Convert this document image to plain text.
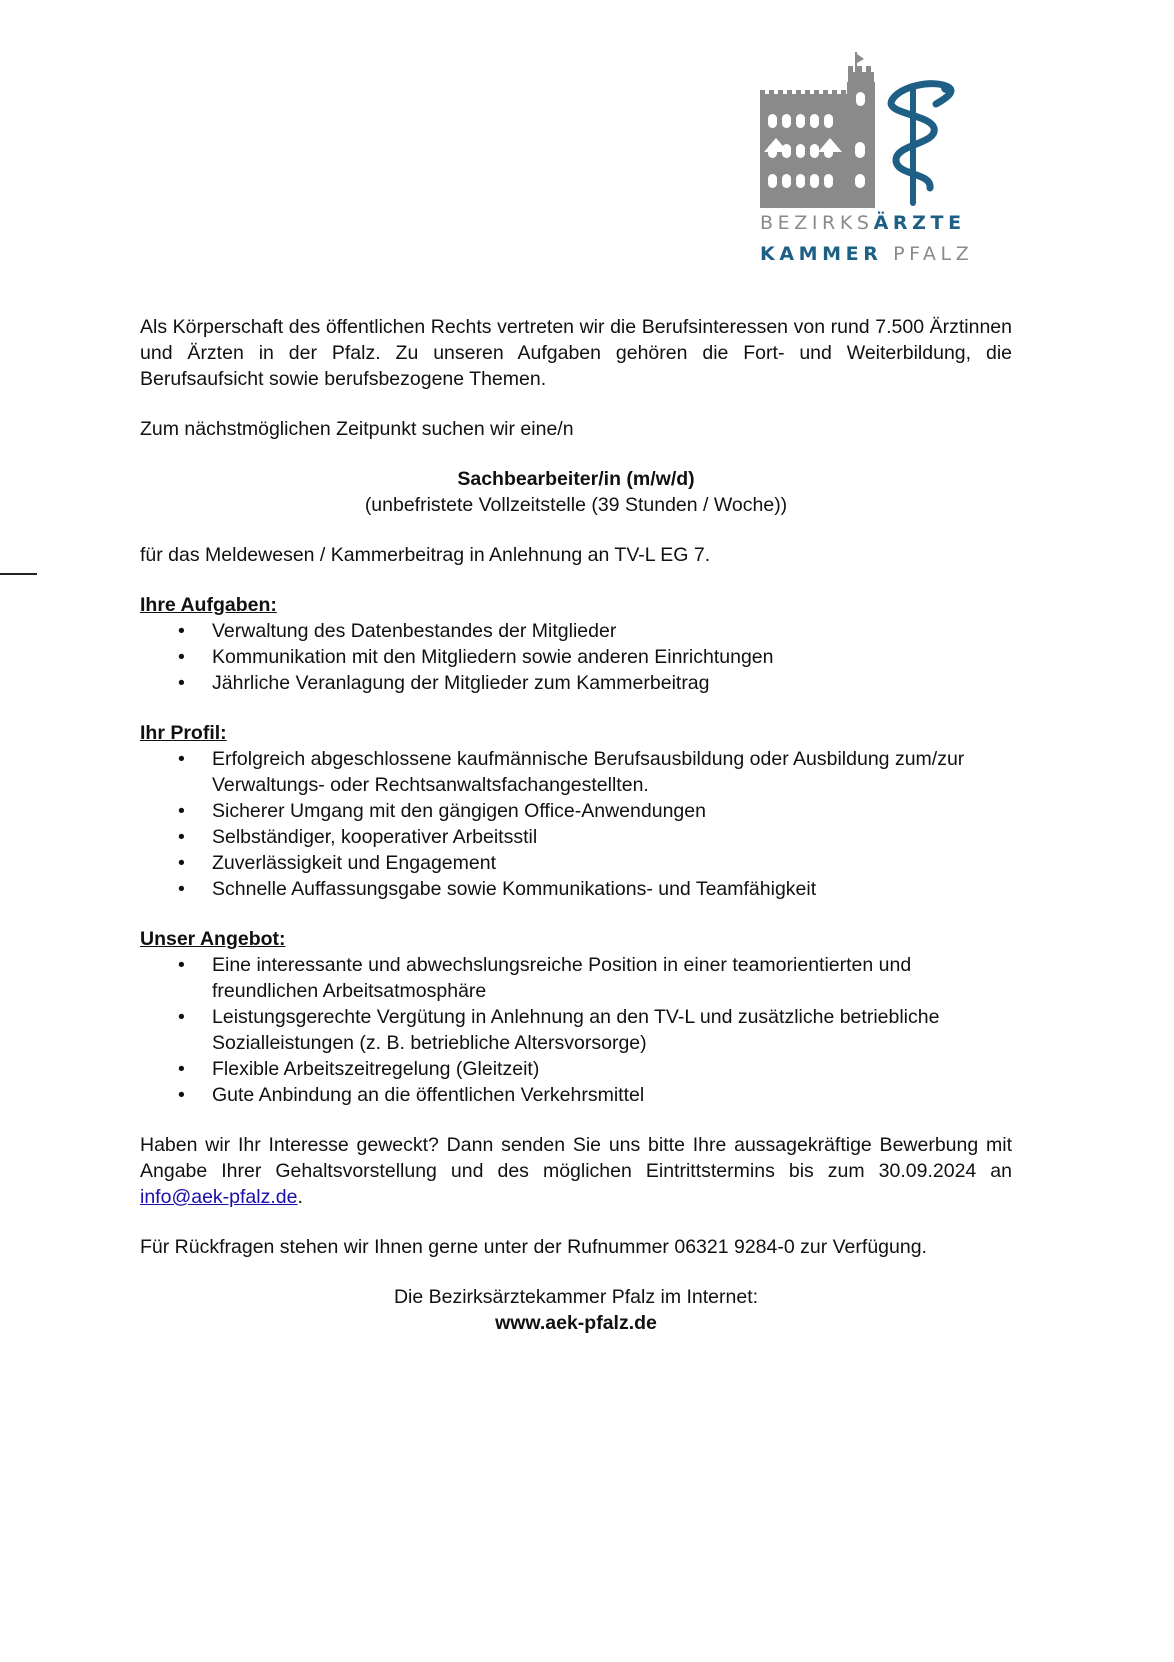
BEZIRKSÄRZTE
KAMMER PFALZ

Als Körperschaft des öffentlichen Rechts vertreten wir die Berufsinteressen von rund 7.500 Ärztinnen und Ärzten in der Pfalz. Zu unseren Aufgaben gehören die Fort- und Weiterbildung, die Berufsaufsicht sowie berufsbezogene Themen.

Zum nächstmöglichen Zeitpunkt suchen wir eine/n

Sachbearbeiter/in (m/w/d)

(unbefristete Vollzeitstelle (39 Stunden / Woche))

für das Meldewesen / Kammerbeitrag in Anlehnung an TV-L EG 7.

Ihre Aufgaben:

• Verwaltung des Datenbestandes der Mitglieder
• Kommunikation mit den Mitgliedern sowie anderen Einrichtungen
• Jährliche Veranlagung der Mitglieder zum Kammerbeitrag

Ihr Profil:

• Erfolgreich abgeschlossene kaufmännische Berufsausbildung oder Ausbildung zum/zur Verwaltungs- oder Rechtsanwaltsfachangestellten.
• Sicherer Umgang mit den gängigen Office-Anwendungen
• Selbständiger, kooperativer Arbeitsstil
• Zuverlässigkeit und Engagement
• Schnelle Auffassungsgabe sowie Kommunikations- und Teamfähigkeit

Unser Angebot:

• Eine interessante und abwechslungsreiche Position in einer teamorientierten und freundlichen Arbeitsatmosphäre
• Leistungsgerechte Vergütung in Anlehnung an den TV-L und zusätzliche betriebliche Sozialleistungen (z. B. betriebliche Altersvorsorge)
• Flexible Arbeitszeitregelung (Gleitzeit)
• Gute Anbindung an die öffentlichen Verkehrsmittel

Haben wir Ihr Interesse geweckt? Dann senden Sie uns bitte Ihre aussagekräftige Bewerbung mit Angabe Ihrer Gehaltsvorstellung und des möglichen Eintrittstermins bis zum 30.09.2024 an info@aek-pfalz.de.

Für Rückfragen stehen wir Ihnen gerne unter der Rufnummer 06321 9284-0 zur Verfügung.

Die Bezirksärztekammer Pfalz im Internet:

www.aek-pfalz.de
